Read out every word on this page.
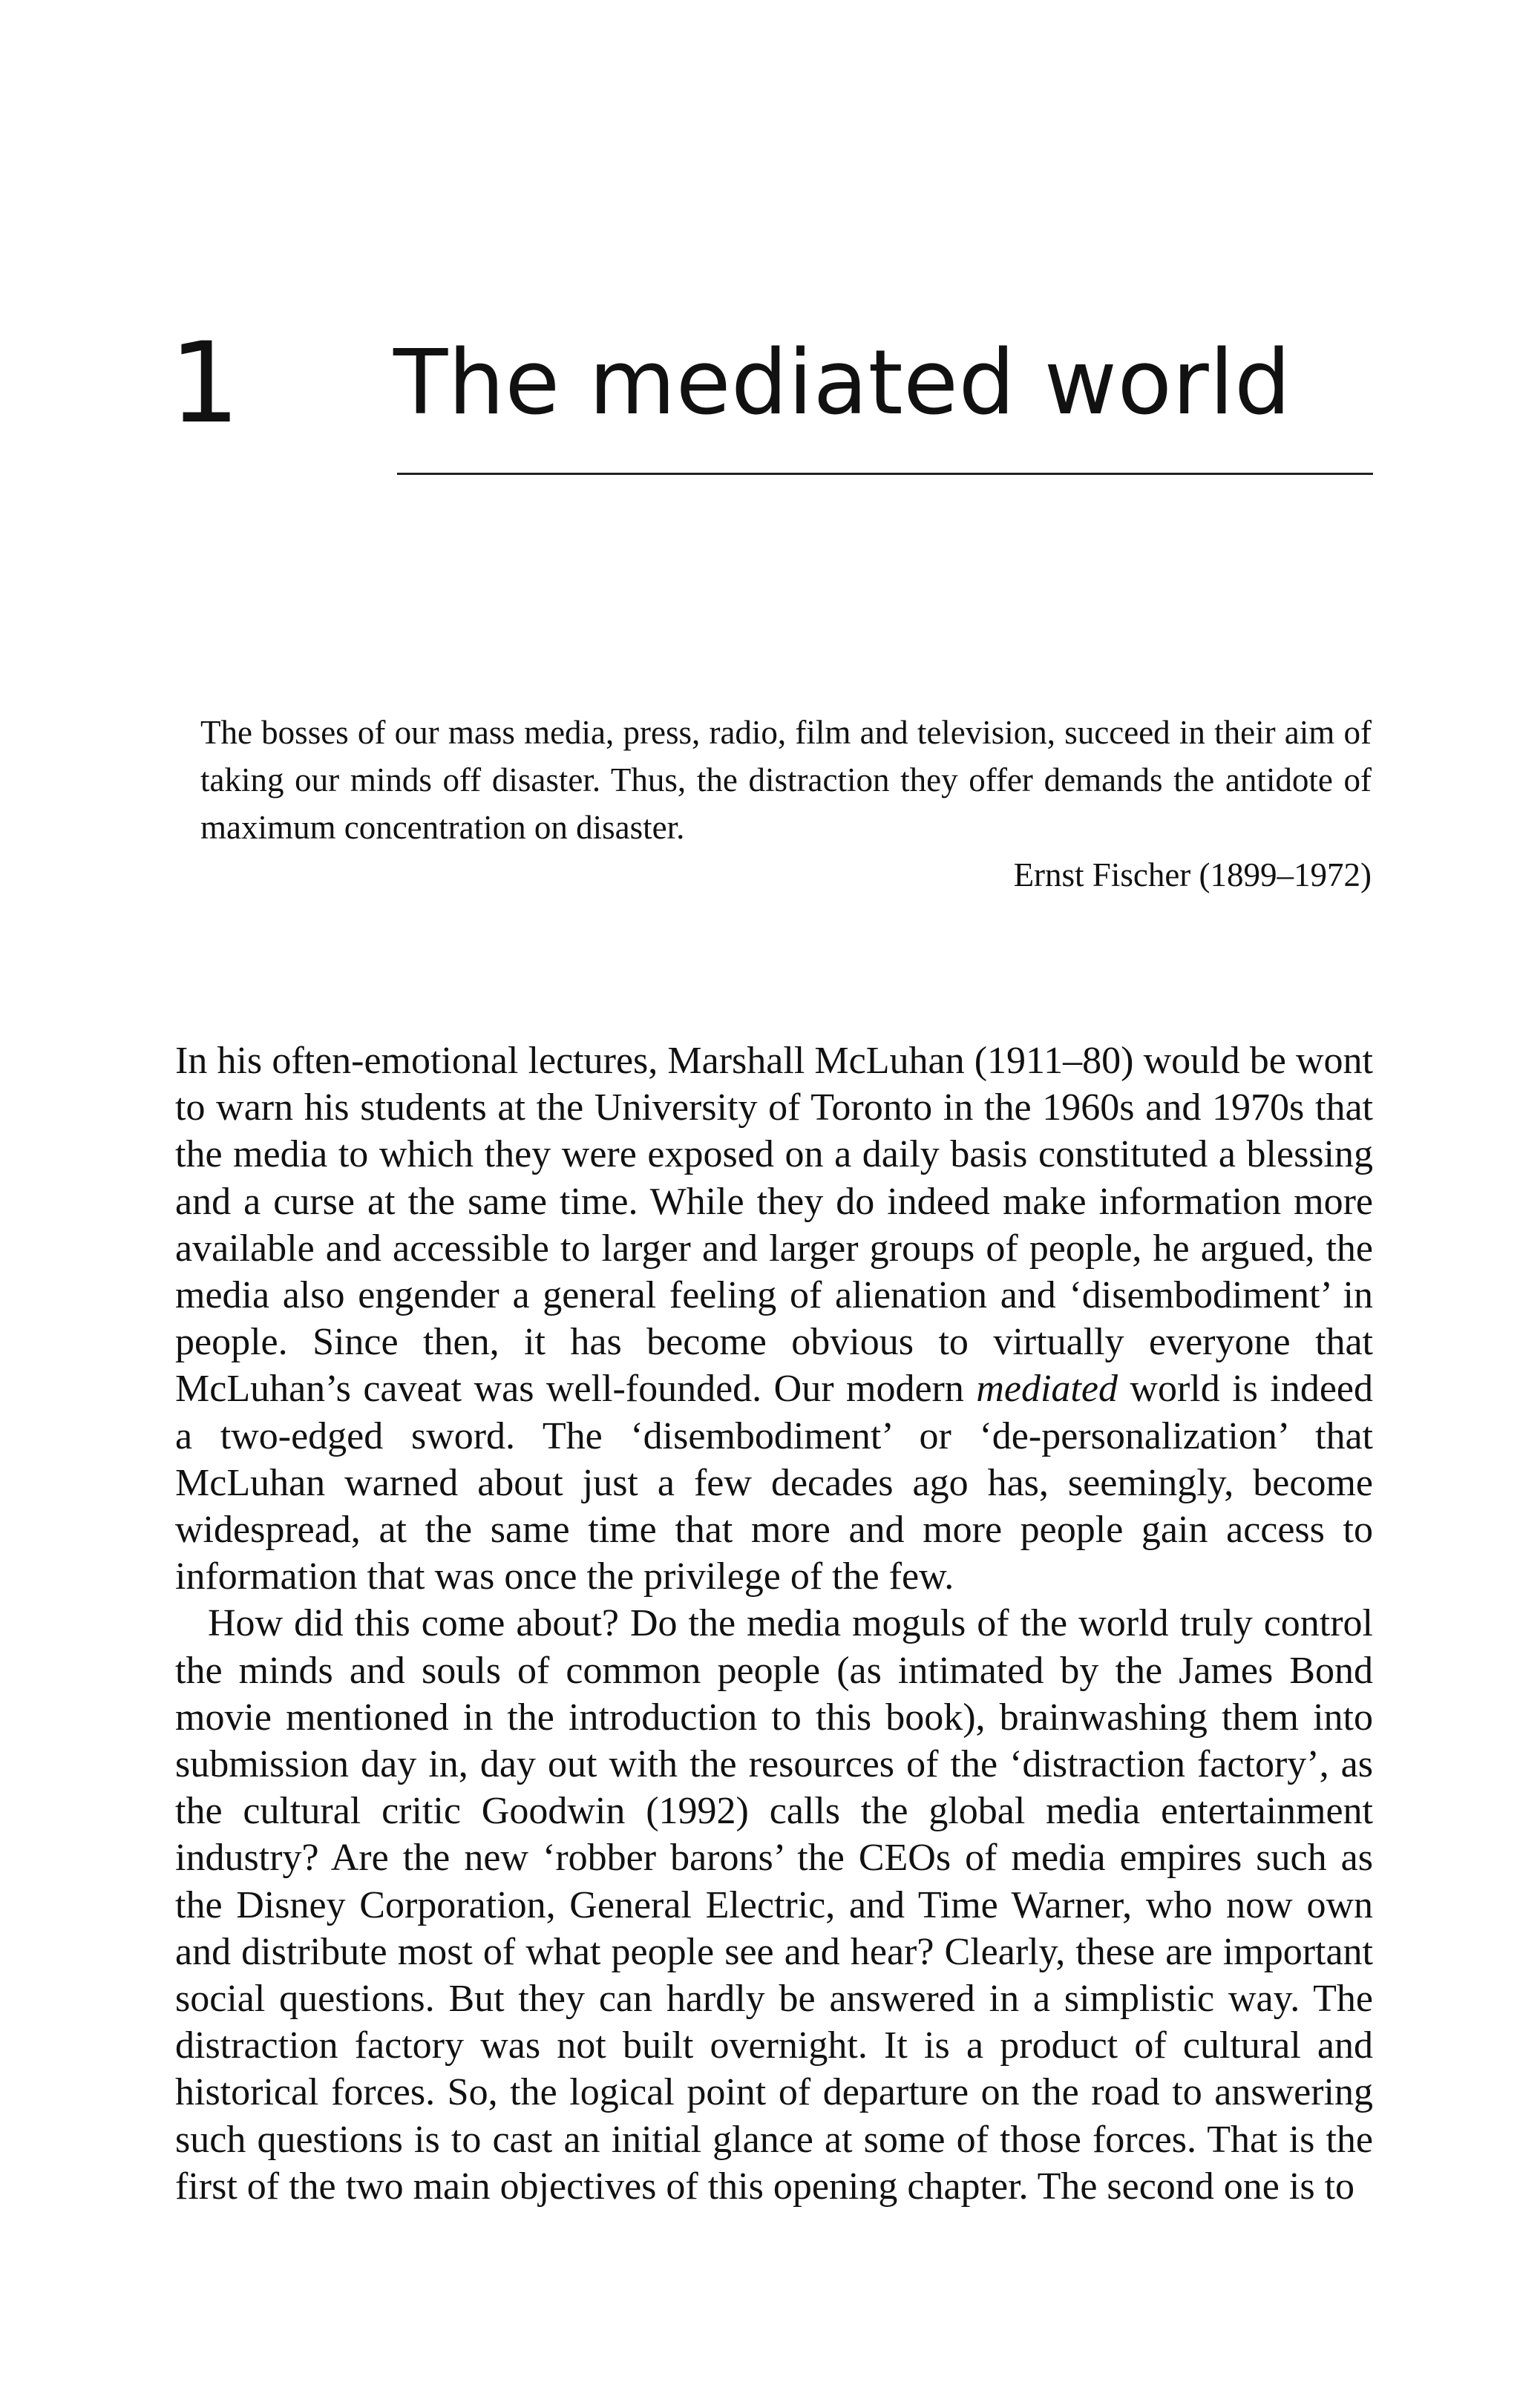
1 The mediated world
The bosses of our mass media, press, radio, film and television, succeed in their aim of taking our minds off disaster. Thus, the distraction they offer demands the antidote of maximum concentration on disaster.
Ernst Fischer (1899–1972)

In his often-emotional lectures, Marshall McLuhan (1911–80) would be wont to warn his students at the University of Toronto in the 1960s and 1970s that the media to which they were exposed on a daily basis constituted a blessing and a curse at the same time. While they do indeed make information more available and accessible to larger and larger groups of people, he argued, the media also engender a general feeling of alienation and ‘disembodiment’ in people. Since then, it has become obvious to virtually everyone that McLuhan’s caveat was well-founded. Our modern mediated world is indeed a two-edged sword. The ‘disembodiment’ or ‘de-personalization’ that McLuhan warned about just a few decades ago has, seemingly, become widespread, at the same time that more and more people gain access to information that was once the privilege of the few.

How did this come about? Do the media moguls of the world truly control the minds and souls of common people (as intimated by the James Bond movie mentioned in the introduction to this book), brainwashing them into submission day in, day out with the resources of the ‘distraction factory’, as the cultural critic Goodwin (1992) calls the global media entertainment industry? Are the new ‘robber barons’ the CEOs of media empires such as the Disney Corporation, General Electric, and Time Warner, who now own and distribute most of what people see and hear? Clearly, these are important social questions. But they can hardly be answered in a simplistic way. The distraction factory was not built overnight. It is a product of cultural and historical forces. So, the logical point of departure on the road to answering such questions is to cast an initial glance at some of those forces. That is the first of the two main objectives of this opening chapter. The second one is to
